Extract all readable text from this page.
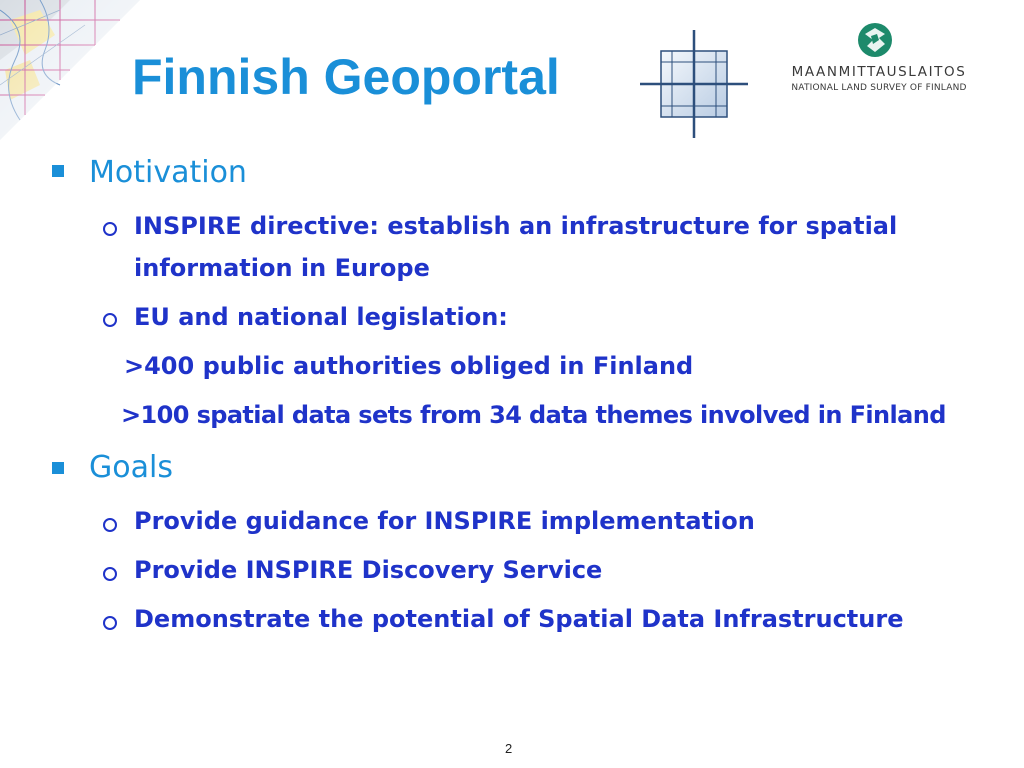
Finnish Geoportal	MAANMITTAUSLAITOS
NATIONAL LAND SURVEY OF FINLAND
Motivation
INSPIRE directive: establish an infrastructure for spatial
information in Europe
EU and national legislation:
>400 public authorities obliged in Finland
>100 spatial data sets from 34 data themes involved in Finland
Goals
Provide guidance for INSPIRE implementation
Provide INSPIRE Discovery Service
Demonstrate the potential of Spatial Data Infrastructure
2
